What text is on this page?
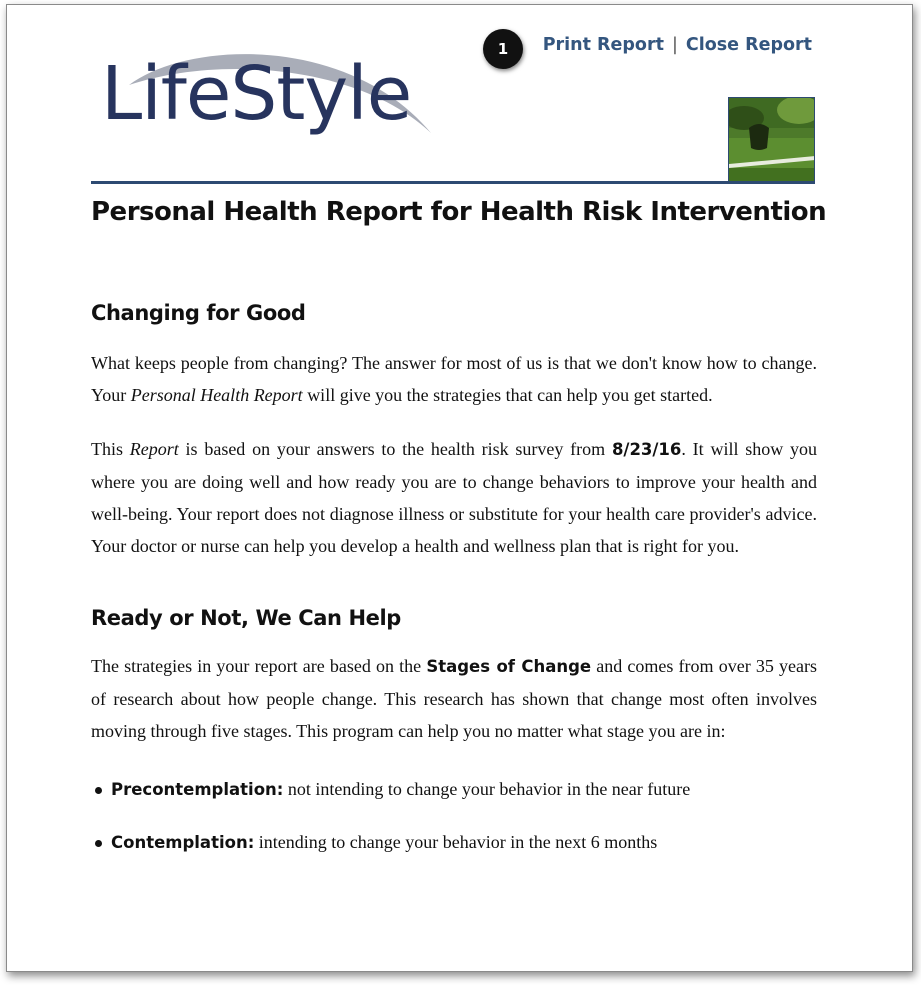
LifeStyle
1	Print Report | Close Report
Personal Health Report for Health Risk Intervention
Changing for Good

What keeps people from changing? The answer for most of us is that we don't know how to change. Your Personal Health Report will give you the strategies that can help you get started.

This Report is based on your answers to the health risk survey from 8/23/16. It will show you where you are doing well and how ready you are to change behaviors to improve your health and well-being. Your report does not diagnose illness or substitute for your health care provider's advice. Your doctor or nurse can help you develop a health and wellness plan that is right for you.

Ready or Not, We Can Help

The strategies in your report are based on the Stages of Change and comes from over 35 years of research about how people change. This research has shown that change most often involves moving through five stages. This program can help you no matter what stage you are in:

Precontemplation: not intending to change your behavior in the near future
Contemplation: intending to change your behavior in the next 6 months
